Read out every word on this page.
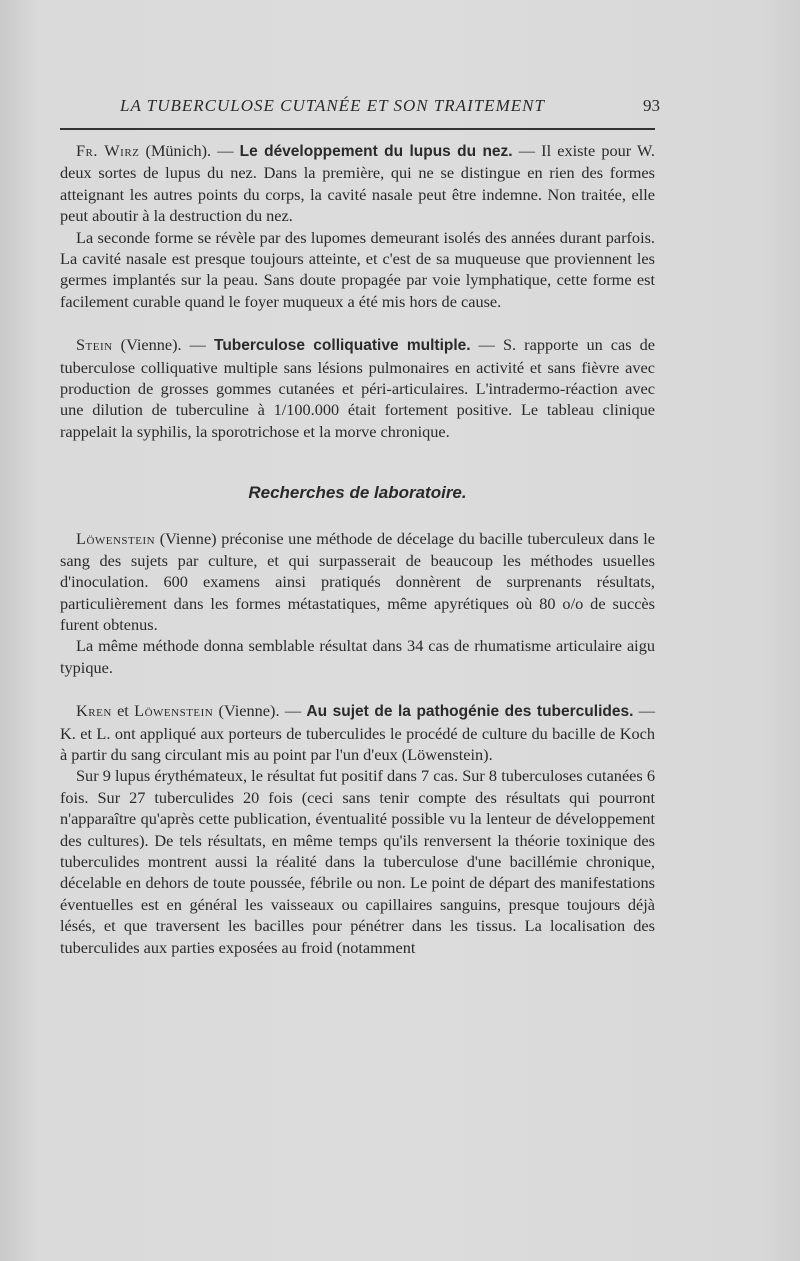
LA TUBERCULOSE CUTANÉE ET SON TRAITEMENT	93

Fr. Wirz (Münich). — Le développement du lupus du nez. — Il existe pour W. deux sortes de lupus du nez. Dans la première, qui ne se distingue en rien des formes atteignant les autres points du corps, la cavité nasale peut être indemne. Non traitée, elle peut aboutir à la destruction du nez.

La seconde forme se révèle par des lupomes demeurant isolés des années durant parfois. La cavité nasale est presque toujours atteinte, et c'est de sa muqueuse que proviennent les germes implantés sur la peau. Sans doute propagée par voie lymphatique, cette forme est facilement curable quand le foyer muqueux a été mis hors de cause.

Stein (Vienne). — Tuberculose colliquative multiple. — S. rapporte un cas de tuberculose colliquative multiple sans lésions pulmonaires en activité et sans fièvre avec production de grosses gommes cutanées et péri-articulaires. L'intradermo-réaction avec une dilution de tuberculine à 1/100.000 était fortement positive. Le tableau clinique rappelait la syphilis, la sporotrichose et la morve chronique.

Recherches de laboratoire.

Löwenstein (Vienne) préconise une méthode de décelage du bacille tuberculeux dans le sang des sujets par culture, et qui surpasserait de beaucoup les méthodes usuelles d'inoculation. 600 examens ainsi pratiqués donnèrent de surprenants résultats, particulièrement dans les formes métastatiques, même apyrétiques où 80 o/o de succès furent obtenus.

La même méthode donna semblable résultat dans 34 cas de rhumatisme articulaire aigu typique.

Kren et Löwenstein (Vienne). — Au sujet de la pathogénie des tuberculides. — K. et L. ont appliqué aux porteurs de tuberculides le procédé de culture du bacille de Koch à partir du sang circulant mis au point par l'un d'eux (Löwenstein).

Sur 9 lupus érythémateux, le résultat fut positif dans 7 cas. Sur 8 tuberculoses cutanées 6 fois. Sur 27 tuberculides 20 fois (ceci sans tenir compte des résultats qui pourront n'apparaître qu'après cette publication, éventualité possible vu la lenteur de développement des cultures). De tels résultats, en même temps qu'ils renversent la théorie toxinique des tuberculides montrent aussi la réalité dans la tuberculose d'une bacillémie chronique, décelable en dehors de toute poussée, fébrile ou non. Le point de départ des manifestations éventuelles est en général les vaisseaux ou capillaires sanguins, presque toujours déjà lésés, et que traversent les bacilles pour pénétrer dans les tissus. La localisation des tuberculides aux parties exposées au froid (notamment
